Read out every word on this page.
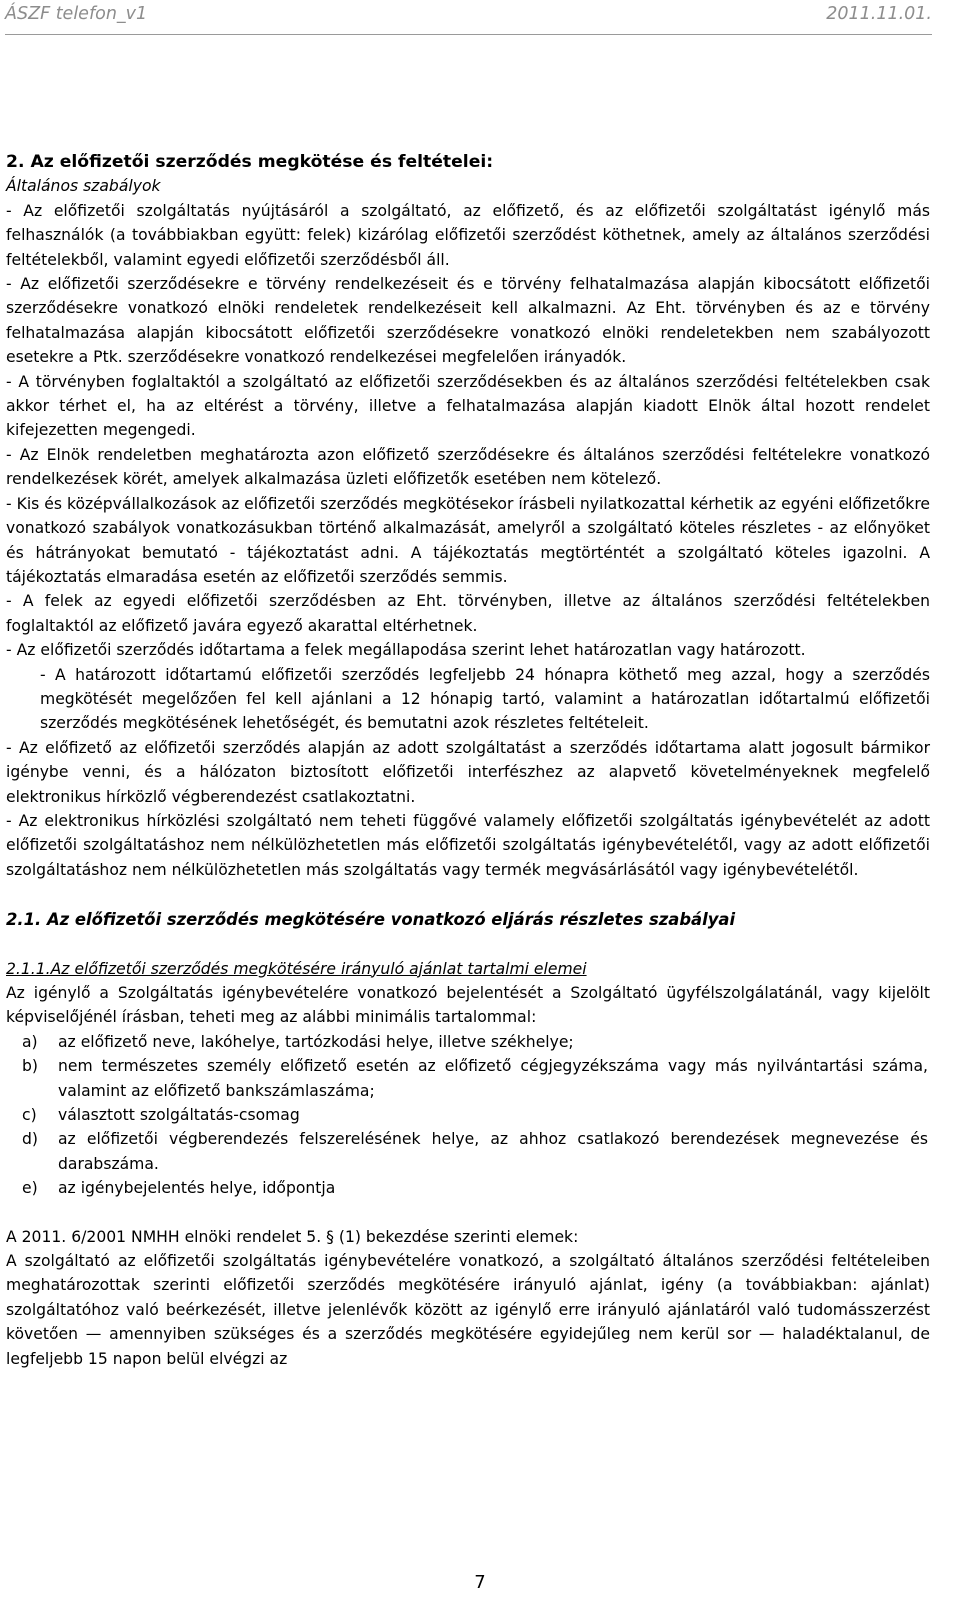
ÁSZF telefon_v1	2011.11.01.

2. Az előfizetői szerződés megkötése és feltételei:

Általános szabályok

- Az előfizetői szolgáltatás nyújtásáról a szolgáltató, az előfizető, és az előfizetői szolgáltatást igénylő más felhasználók (a továbbiakban együtt: felek) kizárólag előfizetői szerződést köthetnek, amely az általános szerződési feltételekből, valamint egyedi előfizetői szerződésből áll.

- Az előfizetői szerződésekre e törvény rendelkezéseit és e törvény felhatalmazása alapján kibocsátott előfizetői szerződésekre vonatkozó elnöki rendeletek rendelkezéseit kell alkalmazni. Az Eht. törvényben és az e törvény felhatalmazása alapján kibocsátott előfizetői szerződésekre vonatkozó elnöki rendeletekben nem szabályozott esetekre a Ptk. szerződésekre vonatkozó rendelkezései megfelelően irányadók.

- A törvényben foglaltaktól a szolgáltató az előfizetői szerződésekben és az általános szerződési feltételekben csak akkor térhet el, ha az eltérést a törvény, illetve a felhatalmazása alapján kiadott Elnök által hozott rendelet kifejezetten megengedi.

- Az Elnök rendeletben meghatározta azon előfizető szerződésekre és általános szerződési feltételekre vonatkozó rendelkezések körét, amelyek alkalmazása üzleti előfizetők esetében nem kötelező.

- Kis és középvállalkozások az előfizetői szerződés megkötésekor írásbeli nyilatkozattal kérhetik az egyéni előfizetőkre vonatkozó szabályok vonatkozásukban történő alkalmazását, amelyről a szolgáltató köteles részletes - az előnyöket és hátrányokat bemutató - tájékoztatást adni. A tájékoztatás megtörténtét a szolgáltató köteles igazolni. A tájékoztatás elmaradása esetén az előfizetői szerződés semmis.

- A felek az egyedi előfizetői szerződésben az Eht. törvényben, illetve az általános szerződési feltételekben foglaltaktól az előfizető javára egyező akarattal eltérhetnek.

- Az előfizetői szerződés időtartama a felek megállapodása szerint lehet határozatlan vagy határozott.

- A határozott időtartamú előfizetői szerződés legfeljebb 24 hónapra köthető meg azzal, hogy a szerződés megkötését megelőzően fel kell ajánlani a 12 hónapig tartó, valamint a határozatlan időtartalmú előfizetői szerződés megkötésének lehetőségét, és bemutatni azok részletes feltételeit.

- Az előfizető az előfizetői szerződés alapján az adott szolgáltatást a szerződés időtartama alatt jogosult bármikor igénybe venni, és a hálózaton biztosított előfizetői interfészhez az alapvető követelményeknek megfelelő elektronikus hírközlő végberendezést csatlakoztatni.

- Az elektronikus hírközlési szolgáltató nem teheti függővé valamely előfizetői szolgáltatás igénybevételét az adott előfizetői szolgáltatáshoz nem nélkülözhetetlen más előfizetői szolgáltatás igénybevételétől, vagy az adott előfizetői szolgáltatáshoz nem nélkülözhetetlen más szolgáltatás vagy termék megvásárlásától vagy igénybevételétől.

2.1. Az előfizetői szerződés megkötésére vonatkozó eljárás részletes szabályai

2.1.1.Az előfizetői szerződés megkötésére irányuló ajánlat tartalmi elemei

Az igénylő a Szolgáltatás igénybevételére vonatkozó bejelentését a Szolgáltató ügyfélszolgálatánál, vagy kijelölt képviselőjénél írásban, teheti meg az alábbi minimális tartalommal:

a) az előfizető neve, lakóhelye, tartózkodási helye, illetve székhelye;
b) nem természetes személy előfizető esetén az előfizető cégjegyzékszáma vagy más nyilvántartási száma, valamint az előfizető bankszámlaszáma;
c) választott szolgáltatás-csomag
d) az előfizetői végberendezés felszerelésének helye, az ahhoz csatlakozó berendezések megnevezése és darabszáma.
e) az igénybejelentés helye, időpontja

A 2011. 6/2001 NMHH elnöki rendelet 5. § (1) bekezdése szerinti elemek:

A szolgáltató az előfizetői szolgáltatás igénybevételére vonatkozó, a szolgáltató általános szerződési feltételeiben meghatározottak szerinti előfizetői szerződés megkötésére irányuló ajánlat, igény (a továbbiakban: ajánlat) szolgáltatóhoz való beérkezését, illetve jelenlévők között az igénylő erre irányuló ajánlatáról való tudomásszerzést követően — amennyiben szükséges és a szerződés megkötésére egyidejűleg nem kerül sor — haladéktalanul, de legfeljebb 15 napon belül elvégzi az

7
